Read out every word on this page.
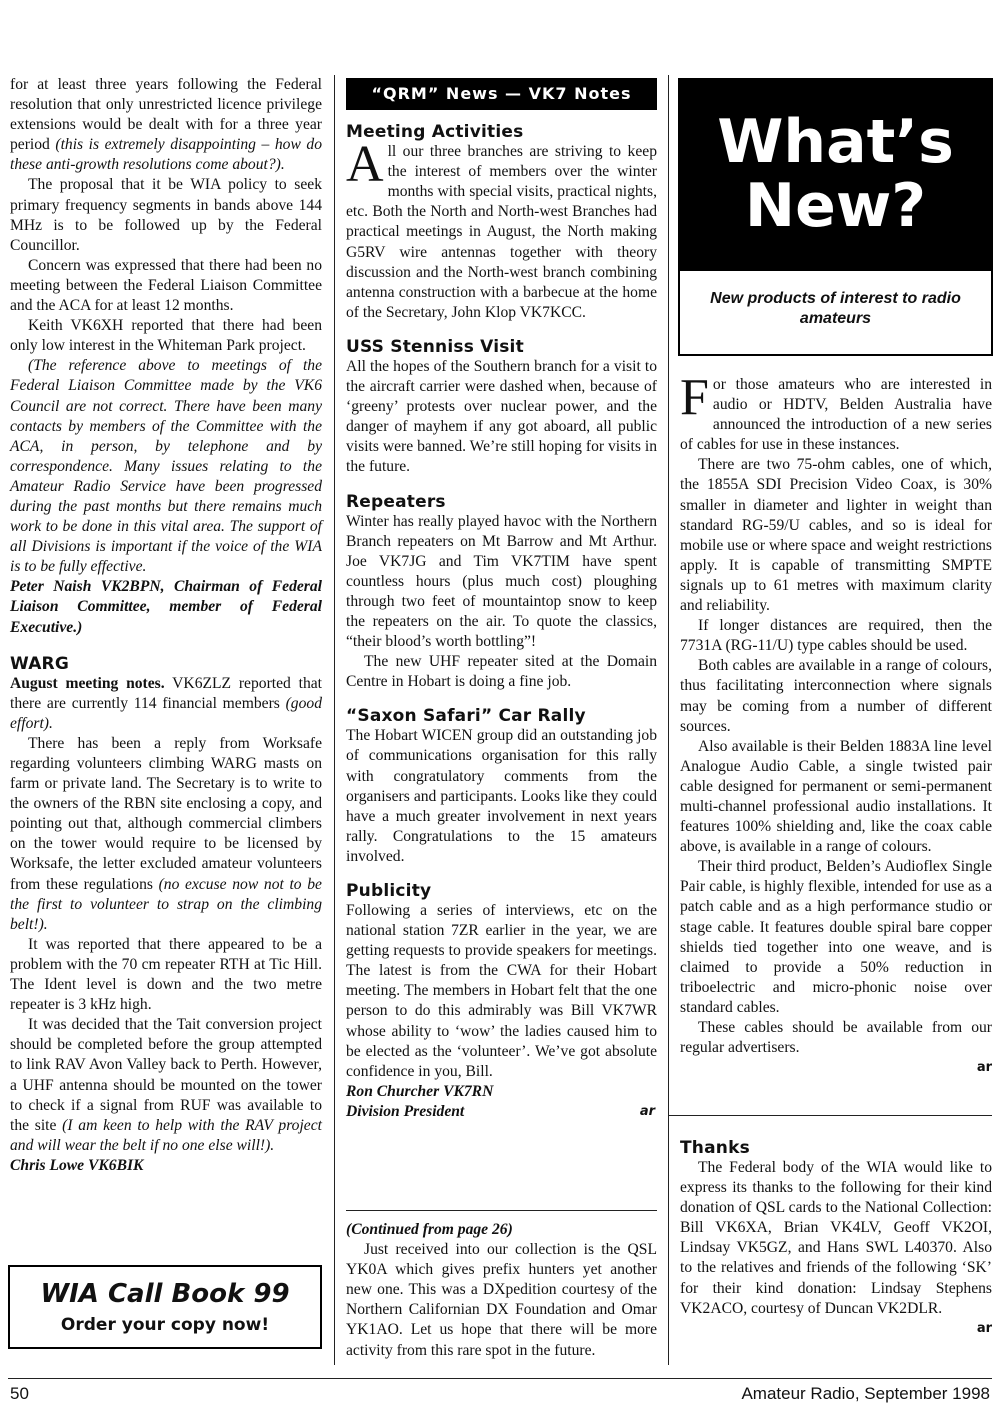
for at least three years following the Federal resolution that only unrestricted licence privilege extensions would be dealt with for a three year period (this is extremely disappointing – how do these anti-growth resolutions come about?).

The proposal that it be WIA policy to seek primary frequency segments in bands above 144 MHz is to be followed up by the Federal Councillor.

Concern was expressed that there had been no meeting between the Federal Liaison Committee and the ACA for at least 12 months.

Keith VK6XH reported that there had been only low interest in the Whiteman Park project.

(The reference above to meetings of the Federal Liaison Committee made by the VK6 Council are not correct. There have been many contacts by members of the Committee with the ACA, in person, by telephone and by correspondence. Many issues relating to the Amateur Radio Service have been progressed during the past months but there remains much work to be done in this vital area. The support of all Divisions is important if the voice of the WIA is to be fully effective.
Peter Naish VK2BPN, Chairman of Federal Liaison Committee, member of Federal Executive.)

WARG

August meeting notes. VK6ZLZ reported that there are currently 114 financial members (good effort).

There has been a reply from Worksafe regarding volunteers climbing WARG masts on farm or private land. The Secretary is to write to the owners of the RBN site enclosing a copy, and pointing out that, although commercial climbers on the tower would require to be licensed by Worksafe, the letter excluded amateur volunteers from these regulations (no excuse now not to be the first to volunteer to strap on the climbing belt!).

It was reported that there appeared to be a problem with the 70 cm repeater RTH at Tic Hill. The Ident level is down and the two metre repeater is 3 kHz high.

It was decided that the Tait conversion project should be completed before the group attempted to link RAV Avon Valley back to Perth. However, a UHF antenna should be mounted on the tower to check if a signal from RUF was available to the site (I am keen to help with the RAV project and will wear the belt if no one else will!).

Chris Lowe VK6BIK

WIA Call Book 99
Order your copy now!
“QRM” News — VK7 Notes
Meeting Activities

All our three branches are striving to keep the interest of members over the winter months with special visits, practical nights, etc. Both the North and North-west Branches had practical meetings in August, the North making G5RV wire antennas together with theory discussion and the North-west branch combining antenna construction with a barbecue at the home of the Secretary, John Klop VK7KCC.

USS Stenniss Visit

All the hopes of the Southern branch for a visit to the aircraft carrier were dashed when, because of ‘greeny’ protests over nuclear power, and the danger of mayhem if any got aboard, all public visits were banned. We’re still hoping for visits in the future.

Repeaters

Winter has really played havoc with the Northern Branch repeaters on Mt Barrow and Mt Arthur. Joe VK7JG and Tim VK7TIM have spent countless hours (plus much cost) ploughing through two feet of mountaintop snow to keep the repeaters on the air. To quote the classics, “their blood’s worth bottling”!

The new UHF repeater sited at the Domain Centre in Hobart is doing a fine job.

“Saxon Safari” Car Rally

The Hobart WICEN group did an outstanding job of communications organisation for this rally with congratulatory comments from the organisers and participants. Looks like they could have a much greater involvement in next years rally. Congratulations to the 15 amateurs involved.

Publicity

Following a series of interviews, etc on the national station 7ZR earlier in the year, we are getting requests to provide speakers for meetings. The latest is from the CWA for their Hobart meeting. The members in Hobart felt that the one person to do this admirably was Bill VK7WR whose ability to ‘wow’ the ladies caused him to be elected as the ‘volunteer’. We’ve got absolute confidence in you, Bill.

Ron Churcher VK7RN

Division President	ar

(Continued from page 26)

Just received into our collection is the QSL YK0A which gives prefix hunters yet another new one. This was a DXpedition courtesy of the Northern Californian DX Foundation and Omar YK1AO. Let us hope that there will be more activity from this rare spot in the future.

What’s
New?
New products of interest to radio amateurs

For those amateurs who are interested in audio or HDTV, Belden Australia have announced the introduction of a new series of cables for use in these instances.

There are two 75-ohm cables, one of which, the 1855A SDI Precision Video Coax, is 30% smaller in diameter and lighter in weight than standard RG-59/U cables, and so is ideal for mobile use or where space and weight restrictions apply. It is capable of transmitting SMPTE signals up to 61 metres with maximum clarity and reliability.

If longer distances are required, then the 7731A (RG-11/U) type cables should be used.

Both cables are available in a range of colours, thus facilitating interconnection where signals may be coming from a number of different sources.

Also available is their Belden 1883A line level Analogue Audio Cable, a single twisted pair cable designed for permanent or semi-permanent multi-channel professional audio installations. It features 100% shielding and, like the coax cable above, is available in a range of colours.

Their third product, Belden’s Audioflex Single Pair cable, is highly flexible, intended for use as a patch cable and as a high performance studio or stage cable. It features double spiral bare copper shields tied together into one weave, and is claimed to provide a 50% reduction in triboelectric and micro-phonic noise over standard cables.

These cables should be available from our regular advertisers.

ar
Thanks

The Federal body of the WIA would like to express its thanks to the following for their kind donation of QSL cards to the National Collection: Bill VK6XA, Brian VK4LV, Geoff VK2OI, Lindsay VK5GZ, and Hans SWL L40370. Also to the relatives and friends of the following ‘SK’ for their kind donation: Lindsay Stephens VK2ACO, courtesy of Duncan VK2DLR.

ar
50	Amateur Radio, September 1998
